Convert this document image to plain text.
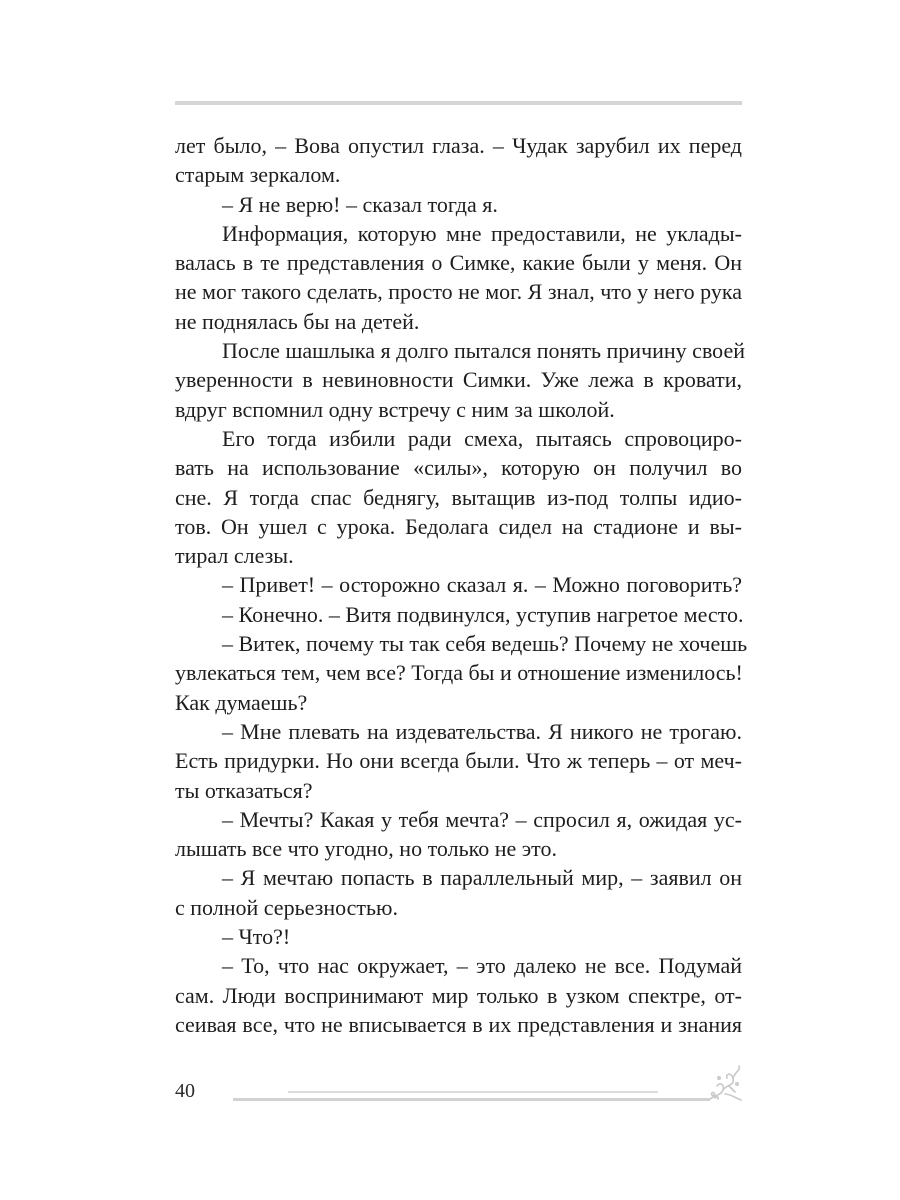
лет было, – Вова опустил глаза. – Чудак зарубил их перед
старым зеркалом.
– Я не верю! – сказал тогда я.
Информация, которую мне предоставили, не уклады-
валась в те представления о Симке, какие были у меня. Он
не мог такого сделать, просто не мог. Я знал, что у него рука
не поднялась бы на детей.
После шашлыка я долго пытался понять причину своей
уверенности в невиновности Симки. Уже лежа в кровати,
вдруг вспомнил одну встречу с ним за школой.
Его тогда избили ради смеха, пытаясь спровоциро-
вать на использование «силы», которую он получил во
сне. Я тогда спас беднягу, вытащив из-под толпы идио-
тов. Он ушел с урока. Бедолага сидел на стадионе и вы-
тирал слезы.
– Привет! – осторожно сказал я. – Можно поговорить?
– Конечно. – Витя подвинулся, уступив нагретое место.
– Витек, почему ты так себя ведешь? Почему не хочешь
увлекаться тем, чем все? Тогда бы и отношение изменилось!
Как думаешь?
– Мне плевать на издевательства. Я никого не трогаю.
Есть придурки. Но они всегда были. Что ж теперь – от меч-
ты отказаться?
– Мечты? Какая у тебя мечта? – спросил я, ожидая ус-
лышать все что угодно, но только не это.
– Я мечтаю попасть в параллельный мир, – заявил он
с полной серьезностью.
– Что?!
– То, что нас окружает, – это далеко не все. Подумай
сам. Люди воспринимают мир только в узком спектре, от-
сеивая все, что не вписывается в их представления и знания
40
